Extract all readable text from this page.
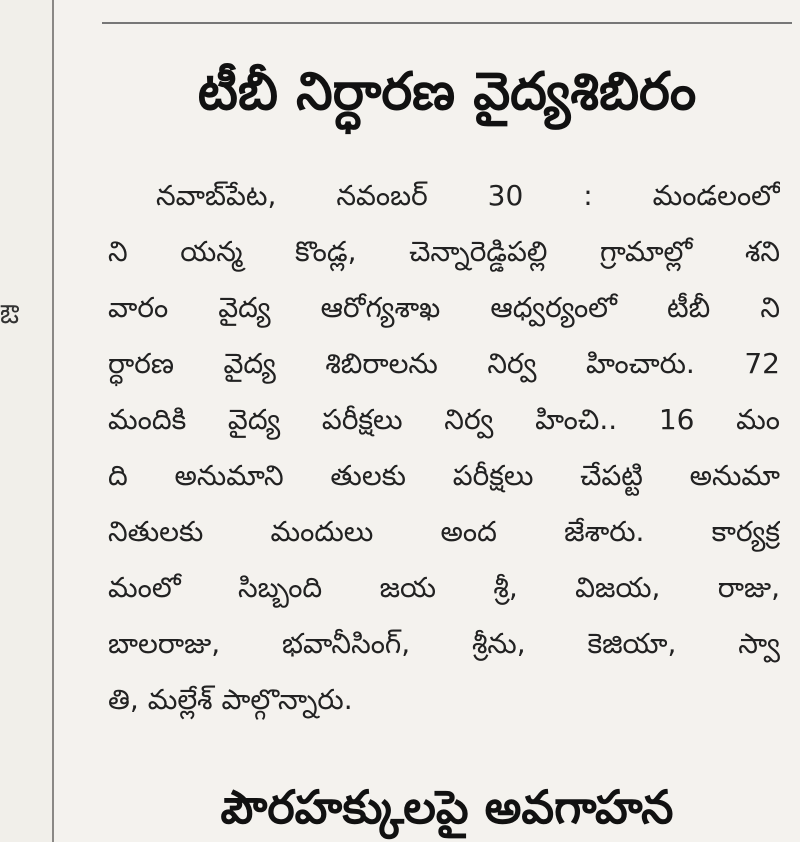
ఔ
టీబీ నిర్ధారణ వైద్యశిబిరం
నవాబ్‌పేట, నవంబర్ 30 : మండలంలో
ని యన్మ కొండ్ల, చెన్నారెడ్డిపల్లి గ్రామాల్లో శని
వారం వైద్య ఆరోగ్యశాఖ ఆధ్వర్యంలో టీబీ ని
ర్ధారణ వైద్య శిబిరాలను నిర్వ హించారు. 72
మందికి వైద్య పరీక్షలు నిర్వ హించి.. 16 మం
ది అనుమాని తులకు పరీక్షలు చేపట్టి అనుమా
నితులకు మందులు అంద జేశారు. కార్యక్ర
మంలో సిబ్బంది జయ శ్రీ, విజయ, రాజు,
బాలరాజు, భవానీసింగ్, శ్రీను, కెజియా, స్వా
తి, మల్లేశ్ పాల్గొన్నారు.
పౌరహక్కులపై అవగాహన
